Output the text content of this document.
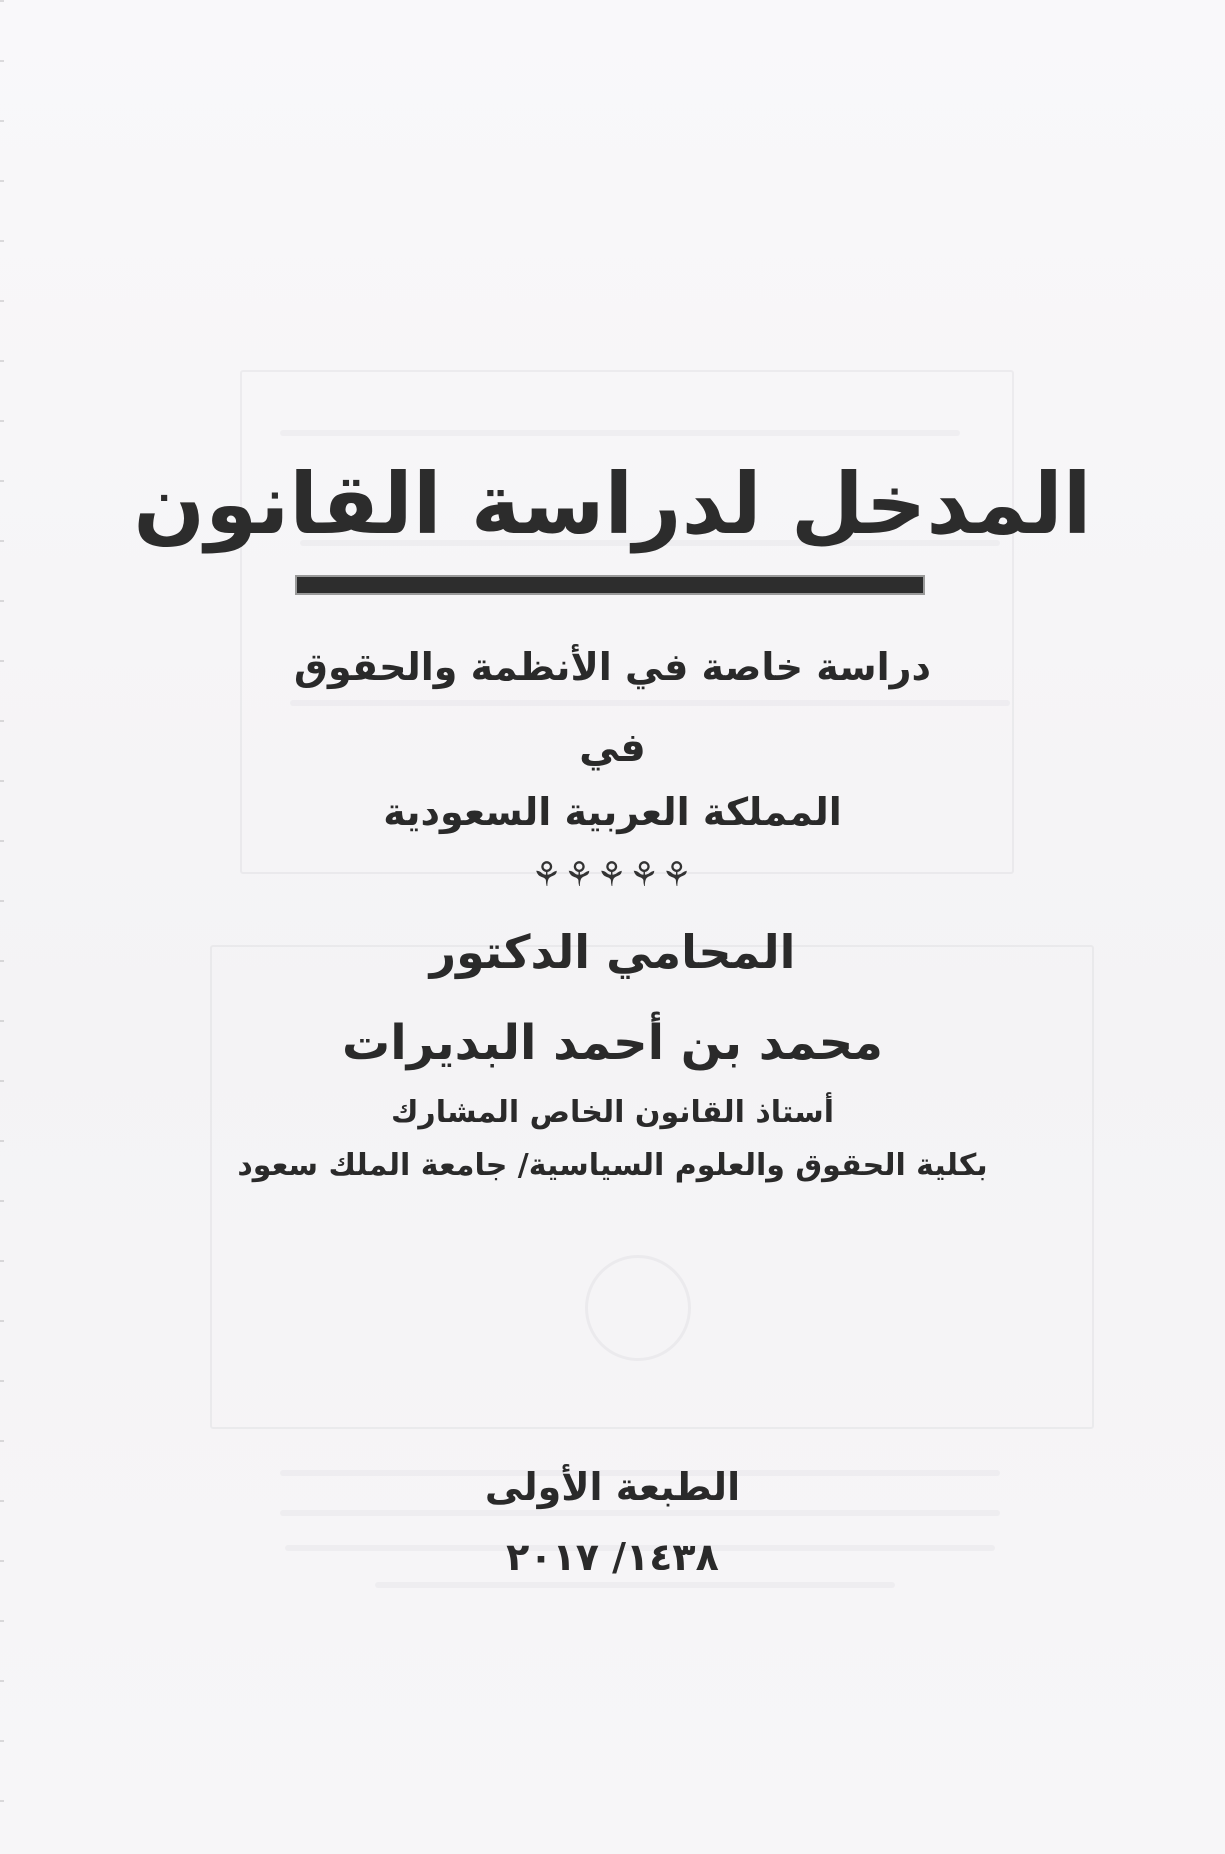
المدخل لدراسة القانون
دراسة خاصة في الأنظمة والحقوق
في
المملكة العربية السعودية
⚘⚘⚘⚘⚘
المحامي الدكتور
محمد بن أحمد البديرات
أستاذ القانون الخاص المشارك
بكلية الحقوق والعلوم السياسية/ جامعة الملك سعود
الطبعة الأولى
١٤٣٨/ ٢٠١٧
